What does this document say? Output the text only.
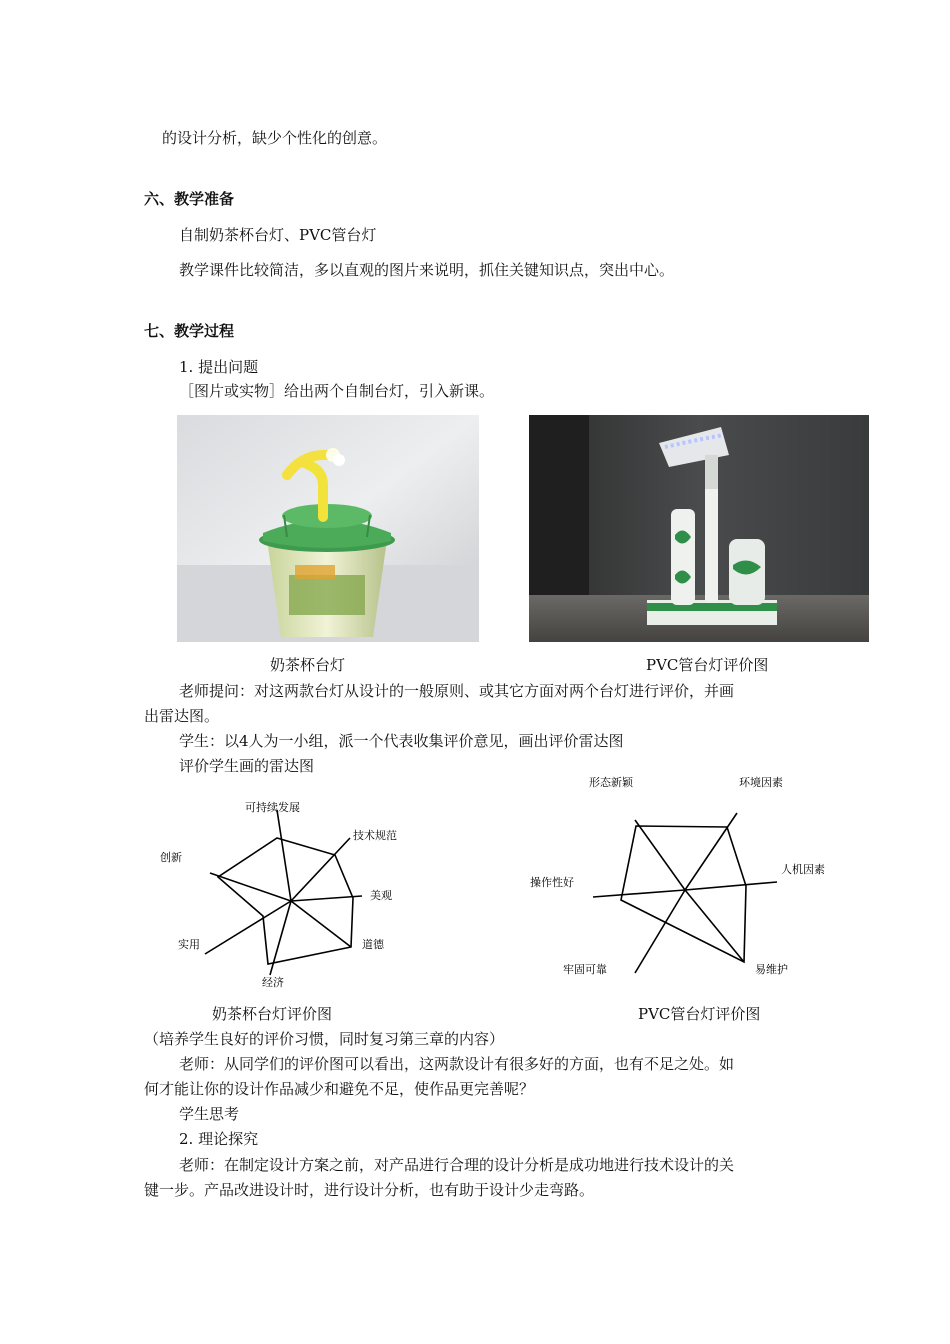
的设计分析，缺少个性化的创意。
六、教学准备
自制奶茶杯台灯、PVC管台灯
教学课件比较简洁，多以直观的图片来说明，抓住关键知识点，突出中心。
七、教学过程
1. 提出问题
［图片或实物］给出两个自制台灯，引入新课。
奶茶杯台灯	PVC管台灯评价图
老师提问：对这两款台灯从设计的一般原则、或其它方面对两个台灯进行评价，并画
出雷达图。
学生：以4人为一小组，派一个代表收集评价意见，画出评价雷达图
评价学生画的雷达图
可持续发展
技术规范
美观
道德
经济
实用
创新
形态新颖	环境因素
人机因素
易维护
牢固可靠
操作性好
奶茶杯台灯评价图	PVC管台灯评价图
（培养学生良好的评价习惯，同时复习第三章的内容）
老师：从同学们的评价图可以看出，这两款设计有很多好的方面，也有不足之处。如
何才能让你的设计作品减少和避免不足，使作品更完善呢？
学生思考
2. 理论探究
老师：在制定设计方案之前，对产品进行合理的设计分析是成功地进行技术设计的关
键一步。产品改进设计时，进行设计分析，也有助于设计少走弯路。
